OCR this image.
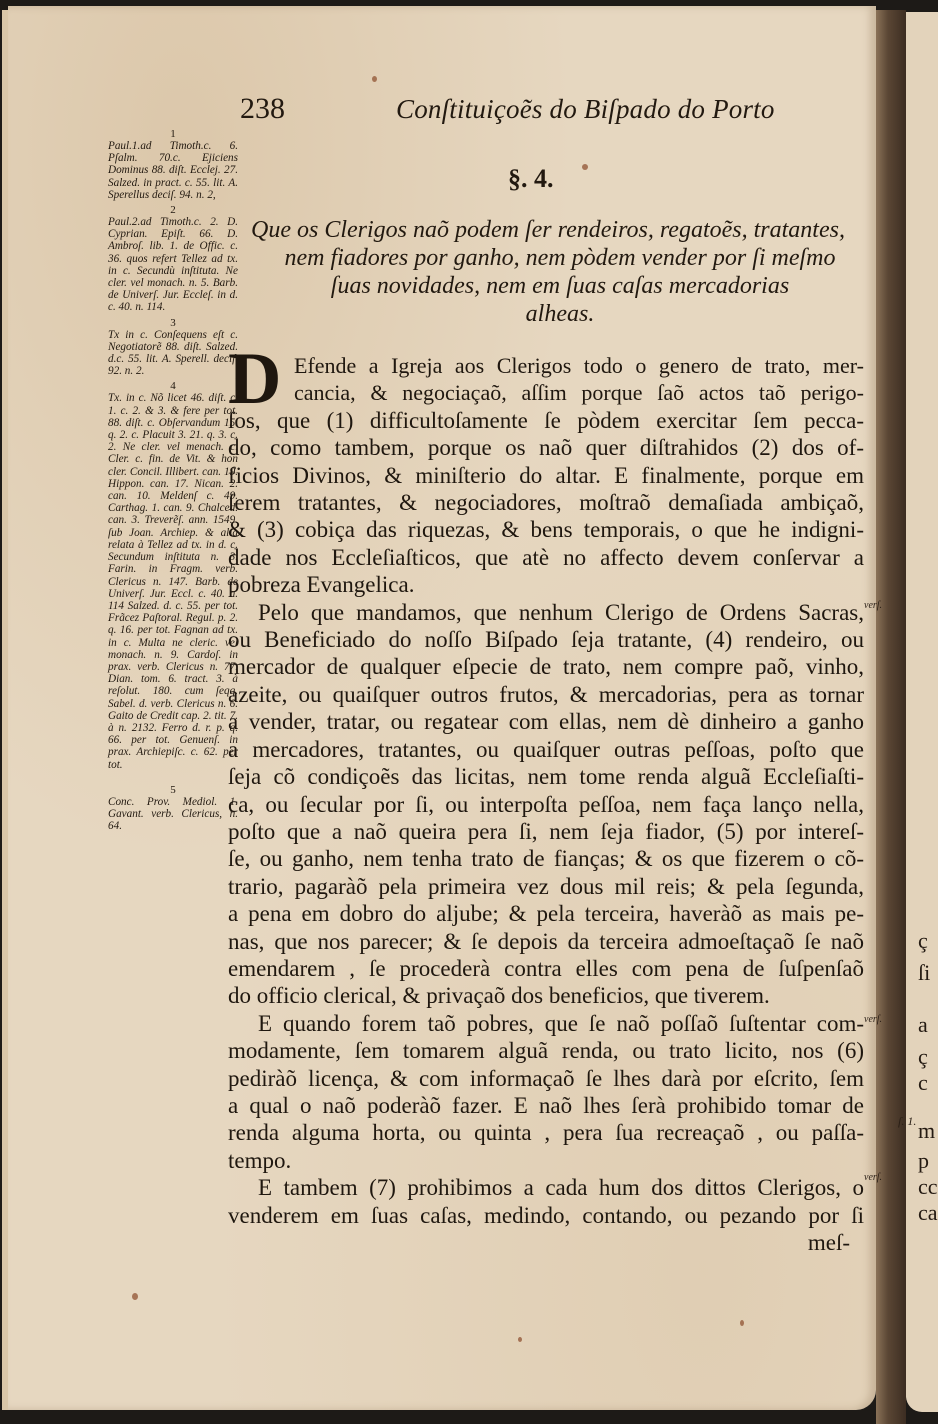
238	Conſtituiçoẽs do Biſpado do Porto
§. 4.
Que os Clerigos naõ podem ſer rendeiros, regatoẽs, tratantes,
nem fiadores por ganho, nem pòdem vender por ſi meſmo
ſuas novidades, nem em ſuas caſas mercadorias
alheas.
1
Paul.1.ad Timoth.c. 6. Pſalm. 70.c. Ejiciens Dominus 88. diſt. Ecclej. 27. Salzed. in pract. c. 55. lit. A. Sperellus deciſ. 94. n. 2,
2
Paul.2.ad Timoth.c. 2. D. Cyprian. Epiſt. 66. D. Ambroſ. lib. 1. de Offic. c. 36. quos refert Tellez ad tx. in c. Secundù inſtituta. Ne cler. vel monach. n. 5. Barb. de Univerſ. Jur. Eccleſ. in d. c. 40. n. 114.
3
Tx in c. Conſequens eſt c. Negotiatorẽ 88. diſt. Salzed. d.c. 55. lit. A. Sperell. deciſ. 92. n. 2.
4
Tx. in c. Nõ licet 46. diſt. c. 1. c. 2. & 3. & fere per tot. 88. diſt. c. Obſervandum 15. q. 2. c. Placuit 3. 21. q. 3. c. 2. Ne cler. vel menach. c. Cler. c. fin. de Vit. & hon cler. Concil. Illibert. can. 19. Hippon. can. 17. Nican. 2. can. 10. Meldenſ c. 49. Carthag. 1. can. 9. Chalced. can. 3. Treverẽſ. ann. 1549. ſub Joan. Archiep. & alia relata à Tellez ad tx. in d. c. Secundum inſtituta n. 3. Farin. in Fragm. verb. Clericus n. 147. Barb. de Univerſ. Jur. Eccl. c. 40. n. 114 Salzed. d. c. 55. per tot. Frãcez Paſtoral. Regul. p. 2. q. 16. per tot. Fagnan ad tx. in c. Multa ne cleric. vel monach. n. 9. Cardoſ. in prax. verb. Clericus n. 77. Dian. tom. 6. tract. 3. à reſolut. 180. cum ſeqq. Sabel. d. verb. Clericus n. 6. Gaito de Credit cap. 2. tit. 7. à n. 2132. Ferro d. r. p. q. 66. per tot. Genuenſ. in prax. Archiepiſc. c. 62. per tot.
5
Conc. Prov. Mediol. 1. Gavant. verb. Clericus, n. 64.
D Efende a Igreja aos Clerigos todo o genero de trato, mer-
cancia, & negociaçaõ, aſſim porque ſaõ actos taõ perigo-
ſos, que (1) difficultoſamente ſe pòdem exercitar ſem pecca-
do, como tambem, porque os naõ quer diſtrahidos (2) dos of-
ficios Divinos, & miniſterio do altar. E finalmente, porque em
ſerem tratantes, & negociadores, moſtraõ demaſiada ambiçaõ,
& (3) cobiça das riquezas, & bens temporais, o que he indigni-
dade nos Eccleſiaſticos, que atè no affecto devem conſervar a
pobreza Evangelica.
Pelo que mandamos, que nenhum Clerigo de Ordens Sacras,
ou Beneficiado do noſſo Biſpado ſeja tratante, (4) rendeiro, ou
mercador de qualquer eſpecie de trato, nem compre paõ, vinho,
azeite, ou quaiſquer outros frutos, & mercadorias, pera as tornar
a vender, tratar, ou regatear com ellas, nem dè dinheiro a ganho
a mercadores, tratantes, ou quaiſquer outras peſſoas, poſto que
ſeja cõ condiçoẽs das licitas, nem tome renda alguã Eccleſiaſti-
ca, ou ſecular por ſi, ou interpoſta peſſoa, nem faça lanço nella,
poſto que a naõ queira pera ſi, nem ſeja fiador, (5) por intereſ-
ſe, ou ganho, nem tenha trato de fianças; & os que fizerem o cõ-
trario, pagaràõ pela primeira vez dous mil reis; & pela ſegunda,
a pena em dobro do aljube; & pela terceira, haveràõ as mais pe-
nas, que nos parecer; & ſe depois da terceira admoeſtaçaõ ſe naõ
emendarem , ſe procederà contra elles com pena de ſuſpenſaõ
do officio clerical, & privaçaõ dos beneficios, que tiverem.
E quando forem taõ pobres, que ſe naõ poſſaõ ſuſtentar com-
modamente, ſem tomarem alguã renda, ou trato licito, nos (6)
pediràõ licença, & com informaçaõ ſe lhes darà por eſcrito, ſem
a qual o naõ poderàõ fazer. E naõ lhes ſerà prohibido tomar de
renda alguma horta, ou quinta , pera ſua recreaçaõ , ou paſſa-
tempo.
E tambem (7) prohibimos a cada hum dos dittos Clerigos, o
venderem em ſuas caſas, medindo, contando, ou pezando por ſi
meſ-
verſ.
verſ.
verſ.
ç
ſi
a
ç
c
m
p
cc
ca
ſ. 1.
